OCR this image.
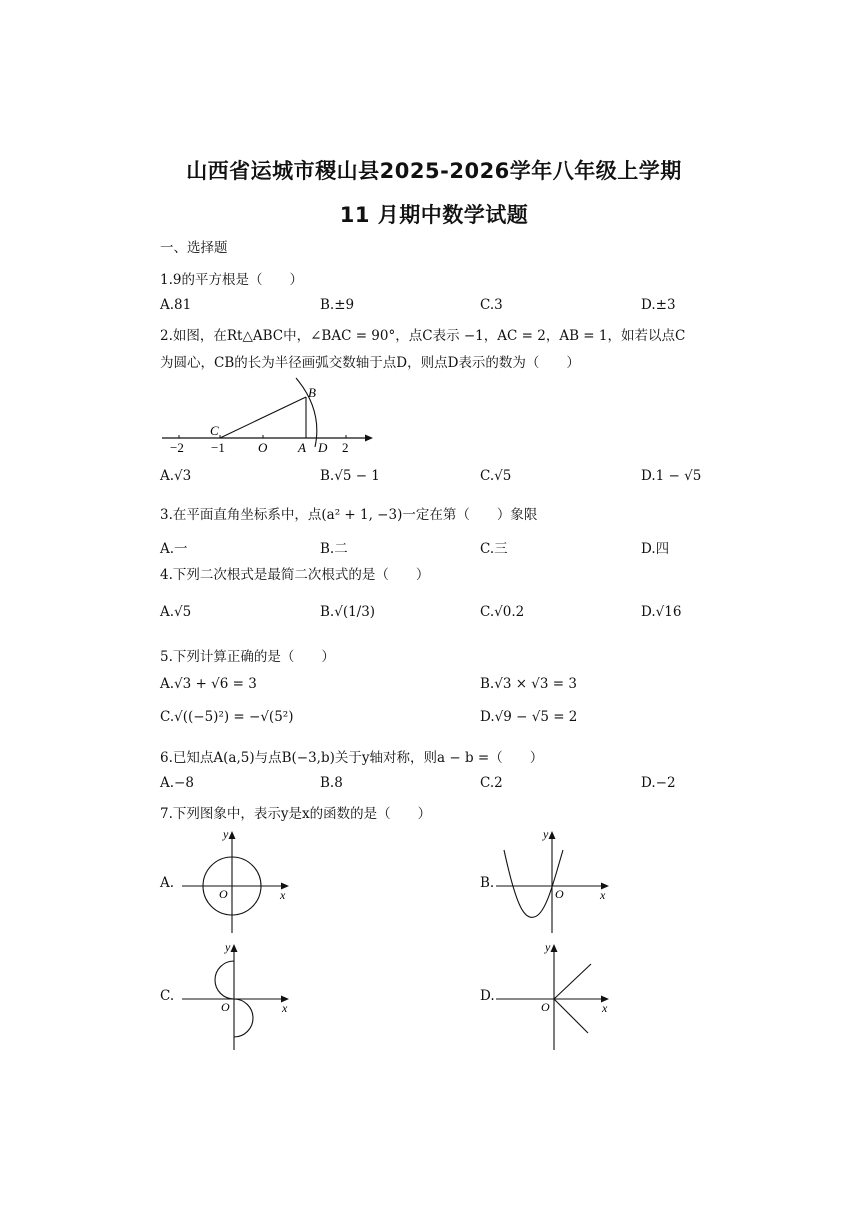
山西省运城市稷山县2025-2026学年八年级上学期
11 月期中数学试题
一、选择题
1.9的平方根是（　　）
A.81	B.±9	C.3	D.±3
2.如图，在Rt△ABC中，∠BAC = 90°，点C表示 −1，AC = 2，AB = 1，如若以点C
为圆心，CB的长为半径画弧交数轴于点D，则点D表示的数为（　　）
−2 −1	O A D 2
B
C
A.√3	B.√5 − 1	C.√5	D.1 − √5
3.在平面直角坐标系中，点(a² + 1, −3)一定在第（　　）象限
A.一	B.二	C.三	D.四
4.下列二次根式是最简二次根式的是（　　）
A.√5	B.√(1/3)	C.√0.2	D.√16
5.下列计算正确的是（　　）
A.√3 + √6 = 3	B.√3 × √3 = 3
C.√((−5)²) = −√(5²)	D.√9 − √5 = 2
6.已知点A(a,5)与点B(−3,b)关于y轴对称，则a − b =（　　）
A.−8	B.8	C.2	D.−2
7.下列图象中，表示y是x的函数的是（　　）
A.
y
x
O
B.
y
x
O
C.
y
x
O
D.
y
x
O
